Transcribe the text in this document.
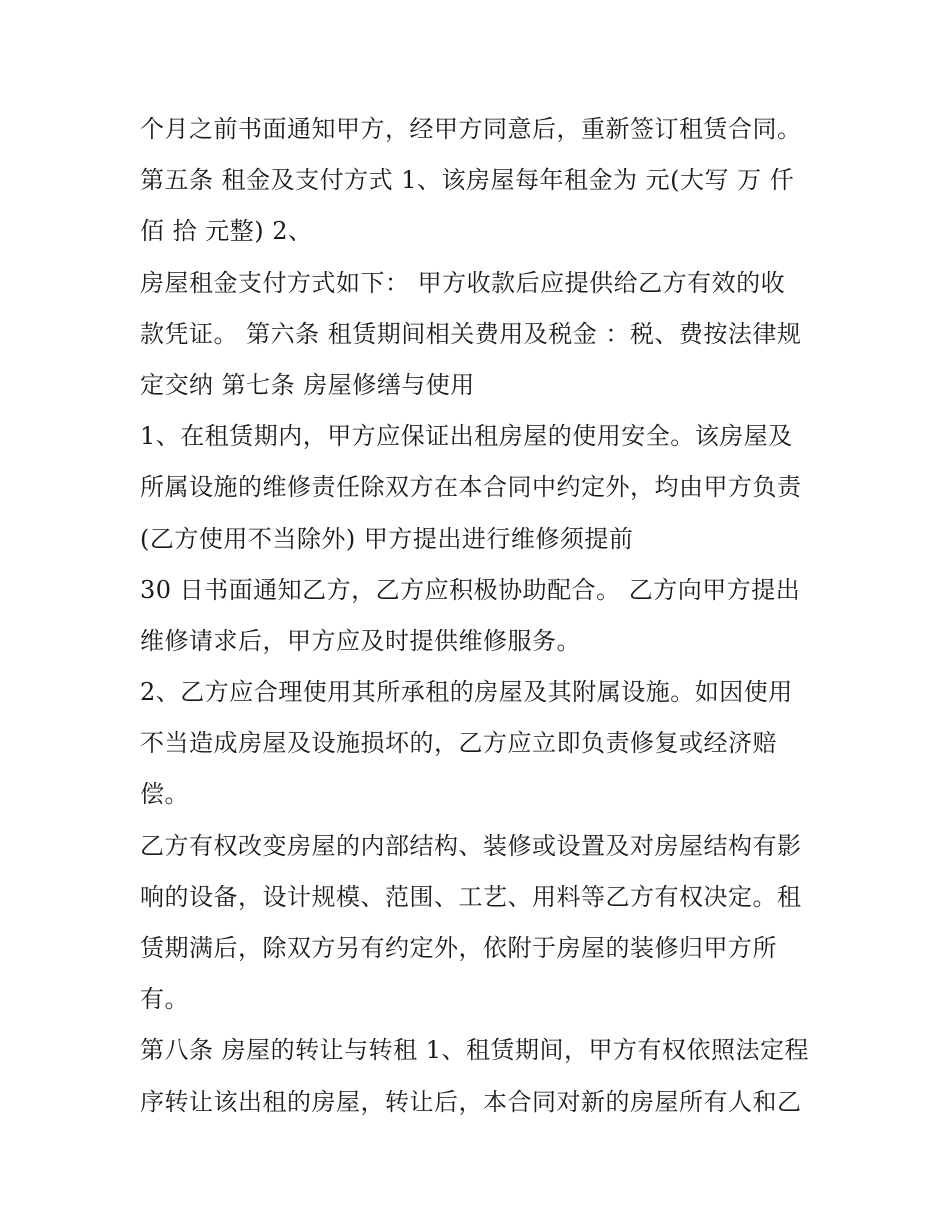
个月之前书面通知甲方，经甲方同意后，重新签订租赁合同。
第五条 租金及支付方式 1、该房屋每年租金为 元(大写 万 仟
佰 拾 元整) 2、
房屋租金支付方式如下： 甲方收款后应提供给乙方有效的收
款凭证。 第六条 租赁期间相关费用及税金 ：税、费按法律规
定交纳 第七条 房屋修缮与使用
1、在租赁期内，甲方应保证出租房屋的使用安全。该房屋及
所属设施的维修责任除双方在本合同中约定外，均由甲方负责
(乙方使用不当除外) 甲方提出进行维修须提前
30 日书面通知乙方，乙方应积极协助配合。 乙方向甲方提出
维修请求后，甲方应及时提供维修服务。
2、乙方应合理使用其所承租的房屋及其附属设施。如因使用
不当造成房屋及设施损坏的，乙方应立即负责修复或经济赔
偿。
乙方有权改变房屋的内部结构、装修或设置及对房屋结构有影
响的设备，设计规模、范围、工艺、用料等乙方有权决定。租
赁期满后，除双方另有约定外，依附于房屋的装修归甲方所
有。
第八条 房屋的转让与转租 1、租赁期间，甲方有权依照法定程
序转让该出租的房屋，转让后，本合同对新的房屋所有人和乙
